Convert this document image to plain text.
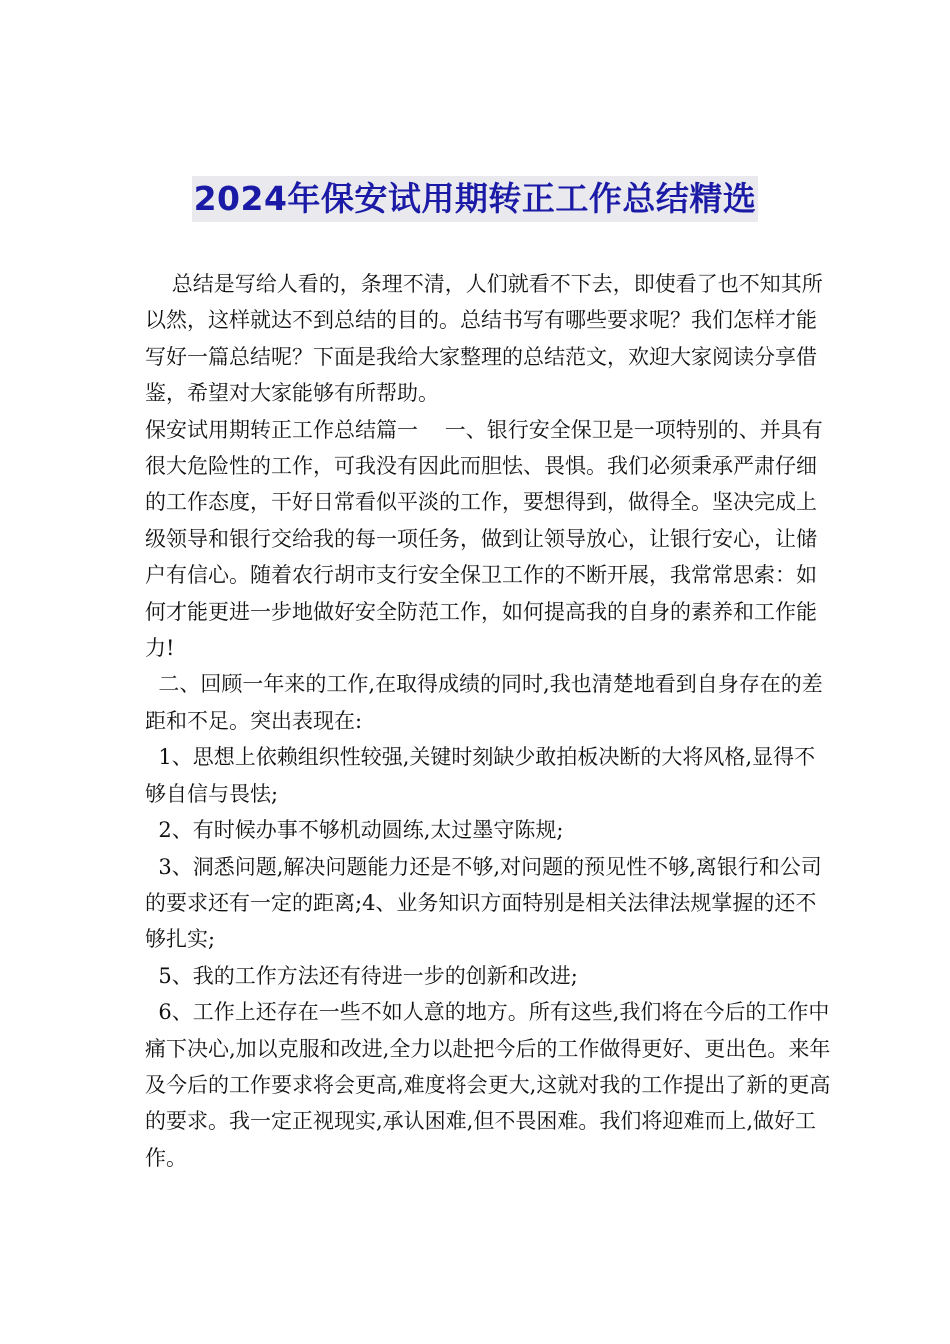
2024年保安试用期转正工作总结精选

总结是写给人看的，条理不清，人们就看不下去，即使看了也不知其所以然，这样就达不到总结的目的。总结书写有哪些要求呢？我们怎样才能写好一篇总结呢？下面是我给大家整理的总结范文，欢迎大家阅读分享借鉴，希望对大家能够有所帮助。

保安试用期转正工作总结篇一    一、银行安全保卫是一项特别的、并具有很大危险性的工作，可我没有因此而胆怯、畏惧。我们必须秉承严肃仔细的工作态度，干好日常看似平淡的工作，要想得到，做得全。坚决完成上级领导和银行交给我的每一项任务，做到让领导放心，让银行安心，让储户有信心。随着农行胡市支行安全保卫工作的不断开展，我常常思索：如何才能更进一步地做好安全防范工作，如何提高我的自身的素养和工作能力!

二、回顾一年来的工作,在取得成绩的同时,我也清楚地看到自身存在的差距和不足。突出表现在:

1、思想上依赖组织性较强,关键时刻缺少敢拍板决断的大将风格,显得不够自信与畏怯;

2、有时候办事不够机动圆练,太过墨守陈规;

3、洞悉问题,解决问题能力还是不够,对问题的预见性不够,离银行和公司的要求还有一定的距离;4、业务知识方面特别是相关法律法规掌握的还不够扎实;

5、我的工作方法还有待进一步的创新和改进;

6、工作上还存在一些不如人意的地方。所有这些,我们将在今后的工作中痛下决心,加以克服和改进,全力以赴把今后的工作做得更好、更出色。来年及今后的工作要求将会更高,难度将会更大,这就对我的工作提出了新的更高的要求。我一定正视现实,承认困难,但不畏困难。我们将迎难而上,做好工作。
